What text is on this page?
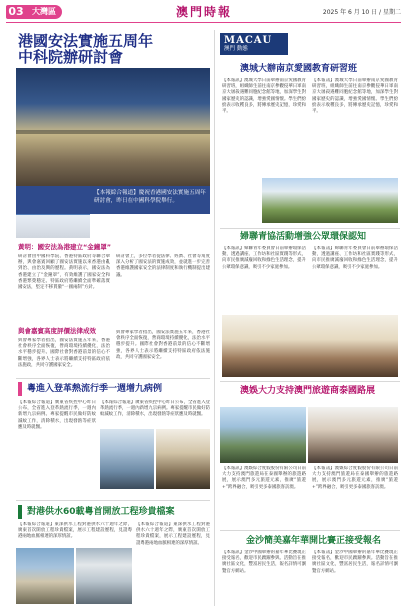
03	大灣區	澳門時報	2025 年 6 月 10 日 / 星期二
港國安法實施五周年
中科院辦研討會
【本報綜合報道】慶祝香港國安法實施五周年研討會，昨日在中國科學院舉行。
黃明：國安法為港建立“金鐘罩”
研討會由中國科學院、香港特區政府等聯合舉辦，與會嘉賓回顧了國安法實施以來香港由亂到治、由治及興的歷程。黃明表示，國安法為香港建立了“金鐘罩”，有效維護了國家安全和香港繁榮穩定。特區政府將繼續全面準確落實國安法，堅定不移貫徹“一國兩制”方針。
研討會上，多位學者從法律、經濟、社會等角度深入分析了國安法的實施成效，並就進一步完善香港維護國家安全的法律制度和執行機制提出建議。
與會嘉賓高度評價法律成效
與會專家學者指出，國安法實施五年來，香港社會秩序全面恢復，營商環境持續優化，法治水平穩步提升。國際社會對香港前景的信心不斷增強，各界人士表示將繼續支持特區政府依法施政，共同守護國家安全。
與會專家學者指出，國安法實施五年來，香港社會秩序全面恢復，營商環境持續優化，法治水平穩步提升。國際社會對香港前景的信心不斷增強，各界人士表示將繼續支持特區政府依法施政，共同守護國家安全。
MACAU
澳門 動態
澳城大辦南京愛國教育研習班
【本報訊】澳城大學日前舉辦南京愛國教育研習班，組織師生前往南京參觀侵華日軍南京大屠殺遇難同胞紀念館等地，加深學生對國家歷史的認識，增強愛國情懷。學生們紛紛表示收穫良多，將傳承歷史記憶，珍愛和平。
【本報訊】澳城大學日前舉辦南京愛國教育研習班，組織師生前往南京參觀侵華日軍南京大屠殺遇難同胞紀念館等地，加深學生對國家歷史的認識，增強愛國情懷。學生們紛紛表示收穫良多，將傳承歷史記憶，珍愛和平。
婦聯青協活動增強公眾環保認知
【本報訊】婦聯青年委員會日前舉辦環保活動，透過講座、工作坊和社區實踐等形式，向市民推廣減廢回收和綠色生活理念，提升公眾環保意識，吸引不少家庭參加。
【本報訊】婦聯青年委員會日前舉辦環保活動，透過講座、工作坊和社區實踐等形式，向市民推廣減廢回收和綠色生活理念，提升公眾環保意識，吸引不少家庭參加。
澳娛大力支持澳門旅遊商泰國路展
【本報訊】澳娛綜合度假股份有限公司日前大力支持澳門旅遊局在泰國舉辦的旅遊路展，展示澳門多元旅遊元素，推廣“旅遊+”跨界融合，吸引更多泰國旅客訪澳。
【本報訊】澳娛綜合度假股份有限公司日前大力支持澳門旅遊局在泰國舉辦的旅遊路展，展示澳門多元旅遊元素，推廣“旅遊+”跨界融合，吸引更多泰國旅客訪澳。
金沙簡美嘉年華開比賽正接受報名
【本報訊】金沙中國舉辦的嘉年華比賽現正接受報名，歡迎市民踴躍參與。活動旨在推廣社區文化，豐富居民生活，報名詳情可瀏覽官方網站。
【本報訊】金沙中國舉辦的嘉年華比賽現正接受報名，歡迎市民踴躍參與。活動旨在推廣社區文化，豐富居民生活，報名詳情可瀏覽官方網站。
粵進入登革熱流行季一週增九病例
【本報綜合報道】廣東省疾控中心昨日公布，全省進入登革熱流行季，一週內新增九宗病例。專家提醒市民做好防蚊滅蚊工作，清除積水，出現發熱等症狀應及時就醫。
【本報綜合報道】廣東省疾控中心昨日公布，全省進入登革熱流行季，一週內新增九宗病例。專家提醒市民做好防蚊滅蚊工作，清除積水，出現發熱等症狀應及時就醫。
對港供水60載粵首開放工程珍貴檔案
【本報綜合報道】東深供水工程對港供水六十週年之際，廣東首次開放工程珍貴檔案，展示工程建設歷程，見證粵港兩地血脈相連的深厚情誼。
【本報綜合報道】東深供水工程對港供水六十週年之際，廣東首次開放工程珍貴檔案，展示工程建設歷程，見證粵港兩地血脈相連的深厚情誼。
